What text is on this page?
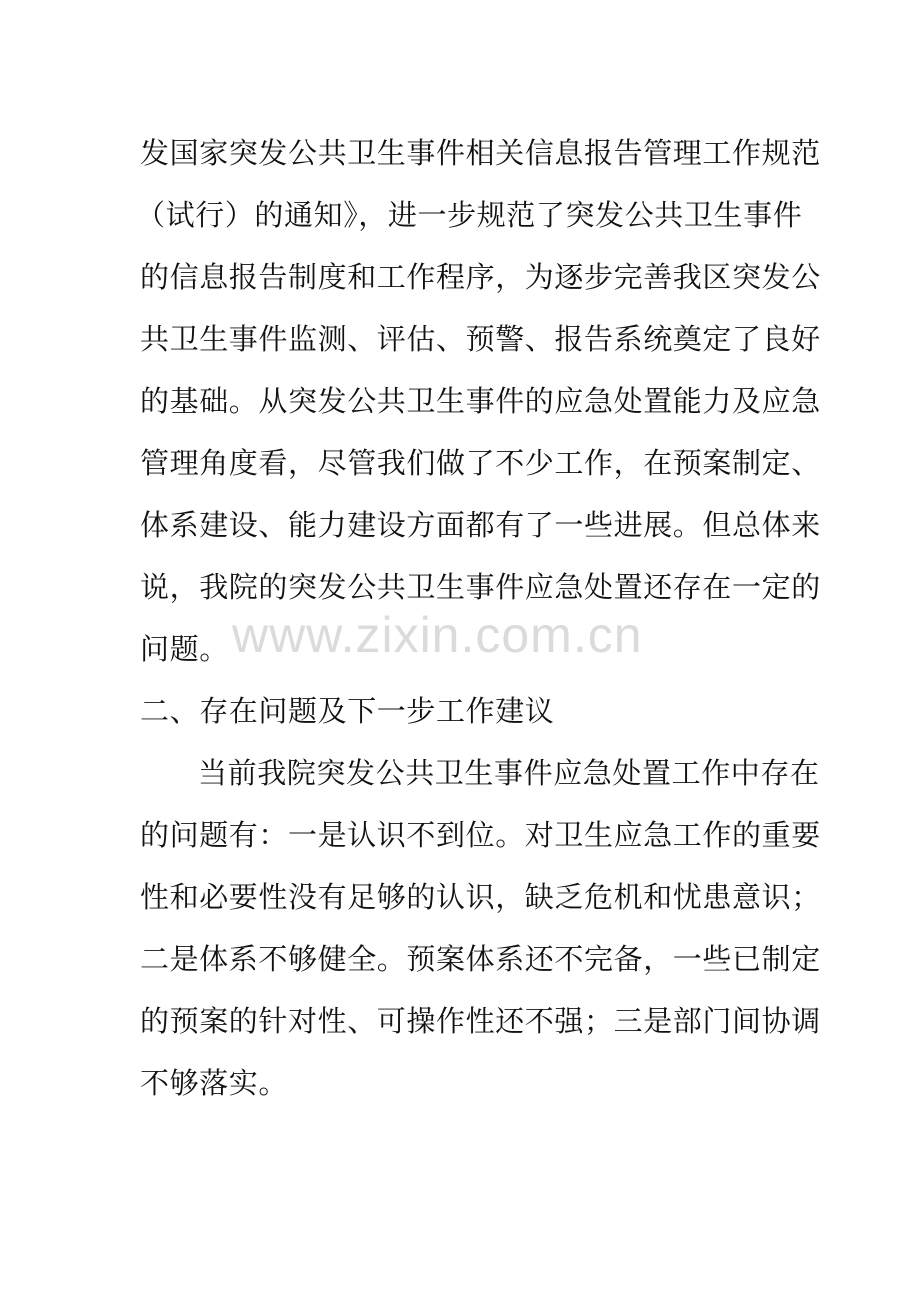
发国家突发公共卫生事件相关信息报告管理工作规范
（试行）的通知》，进一步规范了突发公共卫生事件
的信息报告制度和工作程序，为逐步完善我区突发公
共卫生事件监测、评估、预警、报告系统奠定了良好
的基础。从突发公共卫生事件的应急处置能力及应急
管理角度看，尽管我们做了不少工作，在预案制定、
体系建设、能力建设方面都有了一些进展。但总体来
说，我院的突发公共卫生事件应急处置还存在一定的
问题。
二、存在问题及下一步工作建议
当前我院突发公共卫生事件应急处置工作中存在
的问题有：一是认识不到位。对卫生应急工作的重要
性和必要性没有足够的认识，缺乏危机和忧患意识；
二是体系不够健全。预案体系还不完备，一些已制定
的预案的针对性、可操作性还不强；三是部门间协调
不够落实。
www.zixin.com.cn
